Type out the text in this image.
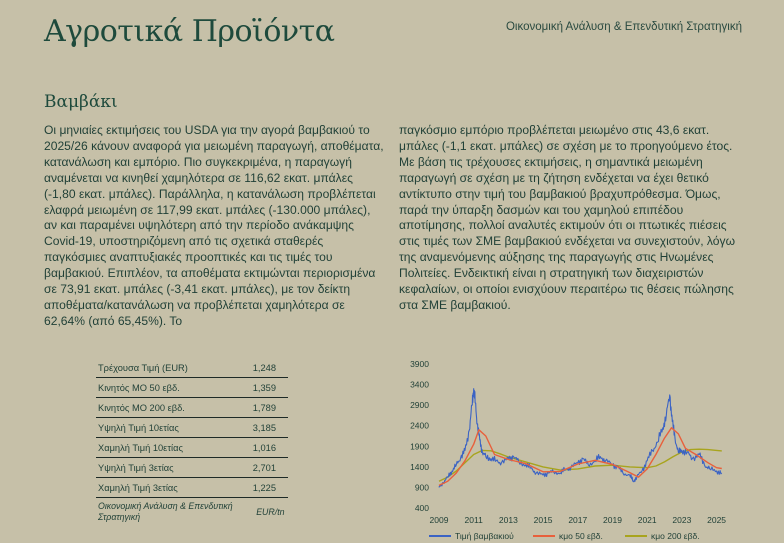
Αγροτικά Προϊόντα	Οικονομική Ανάλυση & Επενδυτική Στρατηγική
Βαμβάκι

Οι μηνιαίες εκτιμήσεις του USDA για την αγορά βαμβακιού το 2025/26 κάνουν αναφορά για μειωμένη παραγωγή, αποθέματα, κατανάλωση και εμπόριο. Πιο συγκεκριμένα, η παραγωγή αναμένεται να κινηθεί χαμηλότερα σε 116,62 εκατ. μπάλες (-1,80 εκατ. μπάλες). Παράλληλα, η κατανάλωση προβλέπεται ελαφρά μειωμένη σε 117,99 εκατ. μπάλες (-130.000 μπάλες), αν και παραμένει υψηλότερη από την περίοδο ανάκαμψης Covid-19, υποστηριζόμενη από τις σχετικά σταθερές παγκόσμιες αναπτυξιακές προοπτικές και τις τιμές του βαμβακιού. Επιπλέον, τα αποθέματα εκτιμώνται περιορισμένα σε 73,91 εκατ. μπάλες (-3,41 εκατ. μπάλες), με τον δείκτη αποθέματα/κατανάλωση να προβλέπεται χαμηλότερα σε 62,64% (από 65,45%). Το

παγκόσμιο εμπόριο προβλέπεται μειωμένο στις 43,6 εκατ. μπάλες (-1,1 εκατ. μπάλες) σε σχέση με το προηγούμενο έτος. Με βάση τις τρέχουσες εκτιμήσεις, η σημαντικά μειωμένη παραγωγή σε σχέση με τη ζήτηση ενδέχεται να έχει θετικό αντίκτυπο στην τιμή του βαμβακιού βραχυπρόθεσμα. Όμως, παρά την ύπαρξη δασμών και του χαμηλού επιπέδου αποτίμησης, πολλοί αναλυτές εκτιμούν ότι οι πτωτικές πιέσεις στις τιμές των ΣΜΕ βαμβακιού ενδέχεται να συνεχιστούν, λόγω της αναμενόμενης αύξησης της παραγωγής στις Ηνωμένες Πολιτείες. Ενδεικτική είναι η στρατηγική των διαχειριστών κεφαλαίων, οι οποίοι ενισχύουν περαιτέρω τις θέσεις πώλησης στα ΣΜΕ βαμβακιού.

Τρέχουσα Τιμή (EUR)	1,248
Κινητός ΜΟ 50 εβδ.	1,359
Κινητός ΜΟ 200 εβδ.	1,789
Υψηλή Τιμή 10ετίας	3,185
Χαμηλή Τιμή 10ετίας	1,016
Υψηλή Τιμή 3ετίας	2,701
Χαμηλή Τιμή 3ετίας	1,225
Οικονομική Ανάλυση & Επενδυτική Στρατηγική	EUR/tn	400
900
1400
1900
2400
2900
3400
3900
2009 2011 2013 2015 2017 2019 2021 2023 2025
Τιμή βαμβακιού	κμο 50 εβδ.	κμο 200 εβδ.
